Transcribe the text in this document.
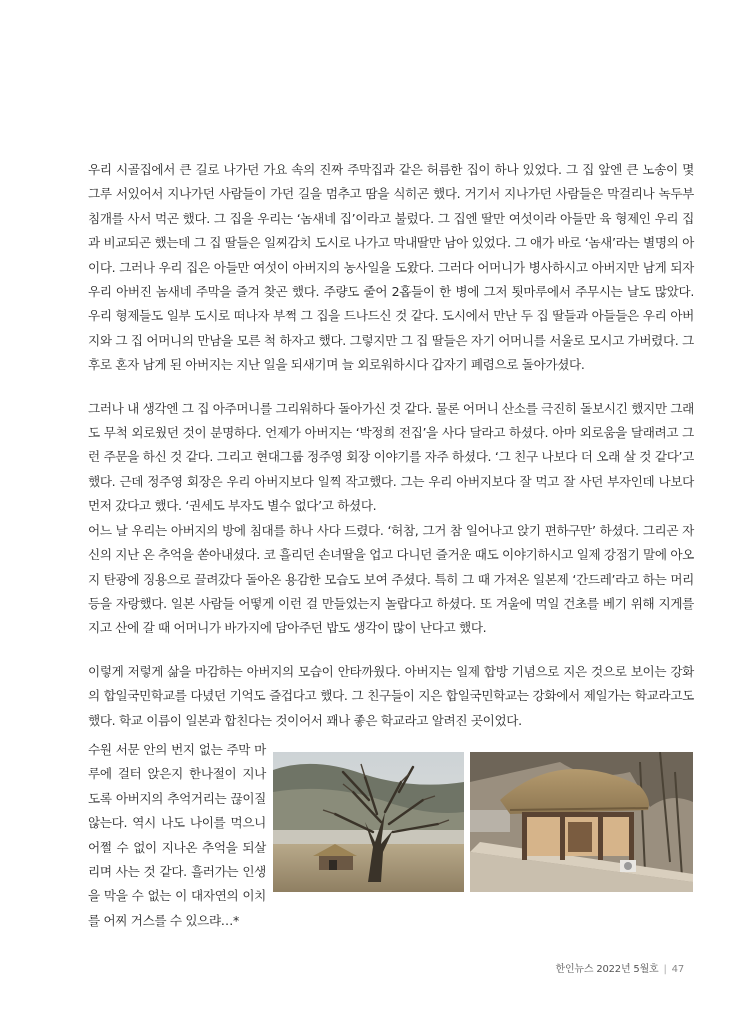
우리 시골집에서 큰 길로 나가던 가요 속의 진짜 주막집과 같은 허름한 집이 하나 있었다. 그 집 앞엔 큰 노송이 몇 그루 서있어서 지나가던 사람들이 가던 길을 멈추고 땀을 식히곤 했다. 거기서 지나가던 사람들은 막걸리나 녹두부침개를 사서 먹곤 했다. 그 집을 우리는 ‘놈새네 집’이라고 불렀다. 그 집엔 딸만 여섯이라 아들만 육 형제인 우리 집과 비교되곤 했는데 그 집 딸들은 일찌감치 도시로 나가고 막내딸만 남아 있었다. 그 애가 바로 ‘놈새’라는 별명의 아이다. 그러나 우리 집은 아들만 여섯이 아버지의 농사일을 도왔다. 그러다 어머니가 병사하시고 아버지만 남게 되자 우리 아버진 놈새네 주막을 즐겨 찾곤 했다. 주량도 줄어 2홉들이 한 병에 그저 툇마루에서 주무시는 날도 많았다. 우리 형제들도 일부 도시로 떠나자 부쩍 그 집을 드나드신 것 같다. 도시에서 만난 두 집 딸들과 아들들은 우리 아버지와 그 집 어머니의 만남을 모른 척 하자고 했다. 그렇지만 그 집 딸들은 자기 어머니를 서울로 모시고 가버렸다. 그 후로 혼자 남게 된 아버지는 지난 일을 되새기며 늘 외로워하시다 갑자기 폐렴으로 돌아가셨다.

그러나 내 생각엔 그 집 아주머니를 그리워하다 돌아가신 것 같다. 물론 어머니 산소를 극진히 돌보시긴 했지만 그래도 무척 외로웠던 것이 분명하다. 언제가 아버지는 ‘박정희 전집’을 사다 달라고 하셨다. 아마 외로움을 달래려고 그런 주문을 하신 것 같다. 그리고 현대그룹 정주영 회장 이야기를 자주 하셨다. ‘그 친구 나보다 더 오래 살 것 같다’고 했다. 근데 정주영 회장은 우리 아버지보다 일찍 작고했다. 그는 우리 아버지보다 잘 먹고 잘 사던 부자인데 나보다 먼저 갔다고 했다. ‘권세도 부자도 별수 없다’고 하셨다.

어느 날 우리는 아버지의 방에 침대를 하나 사다 드렸다. ‘허참, 그거 참 일어나고 앉기 편하구만’ 하셨다. 그리곤 자신의 지난 온 추억을 쏟아내셨다. 코 흘리던 손녀딸을 업고 다니던 즐거운 때도 이야기하시고 일제 강점기 말에 아오지 탄광에 징용으로 끌려갔다 돌아온 용감한 모습도 보여 주셨다. 특히 그 때 가져온 일본제 ‘간드레’라고 하는 머리등을 자랑했다. 일본 사람들 어떻게 이런 걸 만들었는지 놀랍다고 하셨다. 또 겨울에 먹일 건초를 베기 위해 지게를 지고 산에 갈 때 어머니가 바가지에 담아주던 밥도 생각이 많이 난다고 했다.

이렇게 저렇게 삶을 마감하는 아버지의 모습이 안타까웠다. 아버지는 일제 합방 기념으로 지은 것으로 보이는 강화의 합일국민학교를 다녔던 기억도 즐겁다고 했다. 그 친구들이 지은 합일국민학교는 강화에서 제일가는 학교라고도 했다. 학교 이름이 일본과 합친다는 것이어서 꽤나 좋은 학교라고 알려진 곳이었다.

수원 서문 안의 번지 없는 주막 마루에 걸터 앉은지 한나절이 지나도록 아버지의 추억거리는 끊이질 않는다. 역시 나도 나이를 먹으니 어쩔 수 없이 지나온 추억을 되살리며 사는 것 같다. 흘러가는 인생을 막을 수 없는 이 대자연의 이치를 어찌 거스를 수 있으랴…*
한인뉴스 2022년 5월호 | 47
